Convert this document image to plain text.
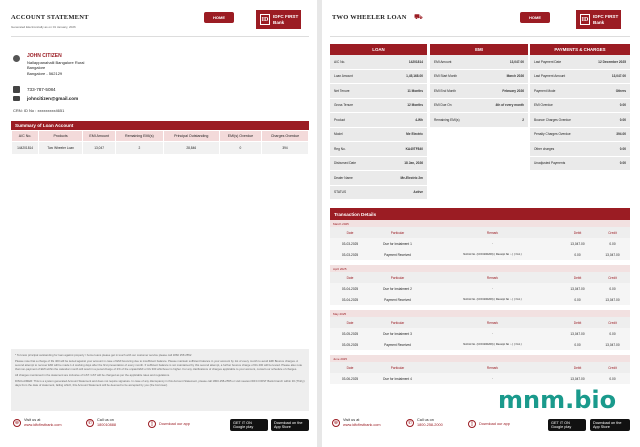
ACCOUNT STATEMENT
Generated Electronically as on 01 January, 2026
HOME	ID	IDFC FIRST
Bank
JOHN CITIZEN
Nallappanahalli Bangalore Rural
Bangalore
Bangalore - 562129
733-787-5084
johncitizen@gmail.com
CRN: ID No : xxxxxxxxx4651
Summary of Loan Account
A/C No.	Products	EMI Amount	Remaining EMI(s)	Principal Outstanding	EMI(s) Overdue	Charges Overdue
144201814	Two Wheeler Loan	13,047	2	28,846	0	394
* To know principal outstanding for loan against property / home loans please get in touch with our customer service please call 1860 258 2552
Please note that a charge of Rs 400 will be levied against your account in case of EMI bouncing due to insufficient balance. Please maintain sufficient balance in your account by 1st of every month to avoid EMI Bounce charges. A second attempt to recover EMI will be made 1-2 working days after the first presentation of every month. If sufficient balance is not maintained by this second attempt, a further bounce charge of Rs 400 will be levied. Please also note that non-payment of EMI within the calendar month will result in a penal charge of 2% of the unpaid EMI or Rs 300 whichever is higher. For any clarifications of charges applicable to your account, consult our schedule of charges.
All charges mentioned in the statement are inclusive of GST. GST will be charged as per the applicable rates and regulations.
DISCLAIMER: This is a system generated Account Statement and does not require signature. In case of any discrepancy in this Account Statement, please call 1800-258-2555 or visit nearest IDFC FIRST Bank branch within 30 (Thirty) days from the date of statement, failing which, this Account Statement will be deemed to be accepted by you (the borrower).
⊕	Visit us at
www.idfcfirstbank.com	✆	Call us on
180010888	▯	Download our app	GET IT ON Google play
Download on the App Store
TWO WHEELER LOAN ⛟	HOME	ID	IDFC FIRST
Bank
LOAN
A/C No.	14201814
Loan Amount	1,45,168.00
Net Tenure	11 Months
Gross Tenure	12 Months
Product	4-Wh
Model	Me Electric
Reg No.	KA40TF840
Disbursed Date	18 Jan, 2026
Dealer Name	Me-Electric 2m
STATUS	Active
EMI
EMI Amount	13,047.00
EMI Start Month	March 2026
EMI End Month	February 2026
EMI Due On	4th of every month
Remaining EMI(s)	2
PAYMENTS & CHARGES
Last Payment Date	12 December 2025
Last Payment Amount	13,047.00
Payment Mode	Others
EMI Overdue	0.00
Bounce Charges Overdue	0.00
Penalty Charges Overdue	394.00
Other charges	0.00
Unadjusted Payments	0.00
Transaction Details
March 2025
Date	Particular	Remark	Debit	Credit
03-03-2025	Due for Instalment 1	-	13,047.00	0.00
03-03-2025	Payment Received	NACH No. (COO200209) ( Receipt No :- ) ( N.A.)	0.00	13,047.00
April 2025
Date	Particular	Remark	Debit	Credit
03-04-2025	Due for Instalment 2	-	13,047.00	0.00
03-04-2025	Payment Received	NACH No. (COO200209) ( Receipt No :- ) ( N.A.)	0.00	13,047.00
May 2025
Date	Particular	Remark	Debit	Credit
03-05-2025	Due for Instalment 3	-	13,047.00	0.00
03-05-2025	Payment Received	NACH No. (COO200209) ( Receipt No :- ) ( N.A.)	0.00	13,047.00
June 2025
Date	Particular	Remark	Debit	Credit
03-06-2025	Due for Instalment 4	-	13,047.00	0.00
⊕	Visit us at
www.idfcfirstbank.com	✆	Call us on
1800-258-2000	▯	Download our app	GET IT ON Google play
Download on the App Store
mnm.bio
